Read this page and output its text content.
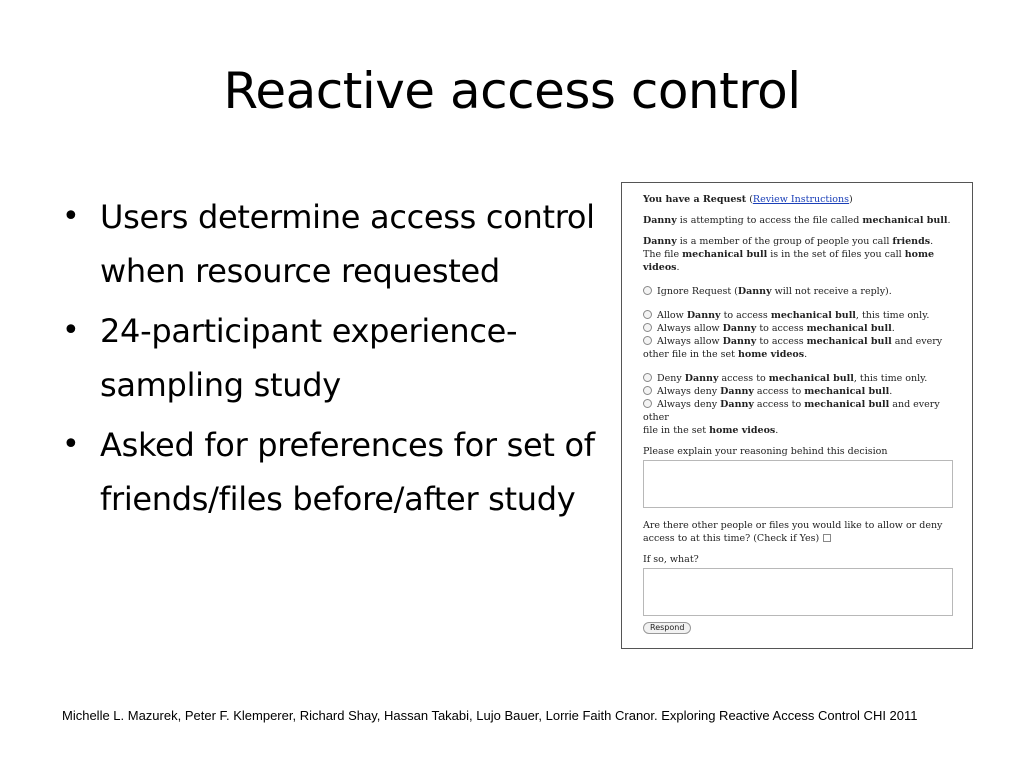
Reactive access control
• Users determine access control when resource requested
• 24-participant experience-sampling study
• Asked for preferences for set of friends/files before/after study

You have a Request (Review Instructions)

Danny is attempting to access the file called mechanical bull.

Danny is a member of the group of people you call friends.

The file mechanical bull is in the set of files you call home videos.

Ignore Request (Danny will not receive a reply).

Allow Danny to access mechanical bull, this time only.

Always allow Danny to access mechanical bull.

Always allow Danny to access mechanical bull and every

other file in the set home videos.

Deny Danny access to mechanical bull, this time only.

Always deny Danny access to mechanical bull.

Always deny Danny access to mechanical bull and every other

file in the set home videos.

Please explain your reasoning behind this decision

Are there other people or files you would like to allow or deny

access to at this time? (Check if Yes)

If so, what?

Respond

Michelle L. Mazurek, Peter F. Klemperer, Richard Shay, Hassan Takabi, Lujo Bauer, Lorrie Faith Cranor. Exploring Reactive Access Control CHI 2011
